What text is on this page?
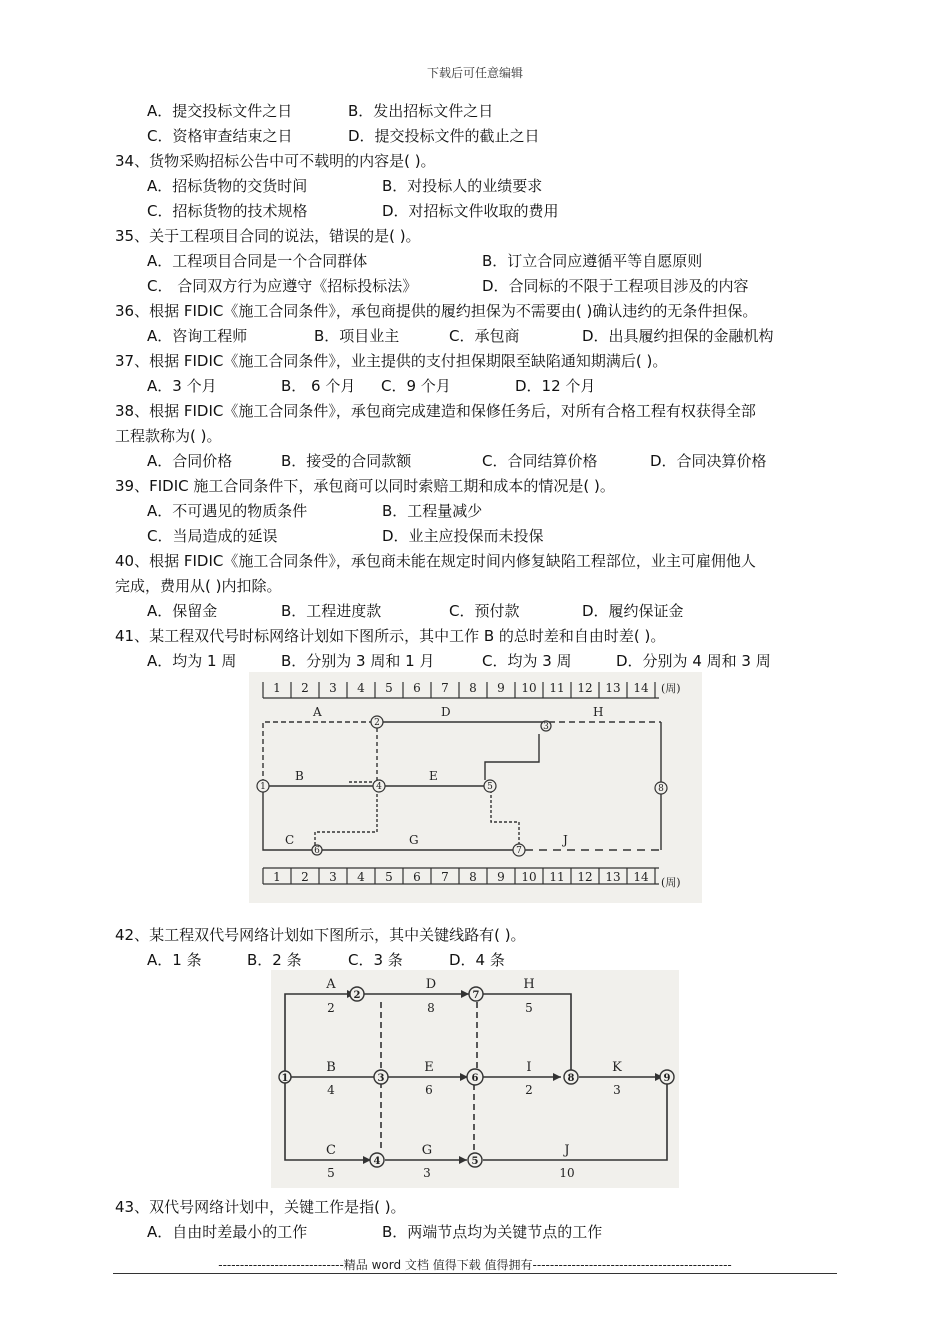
下载后可任意编辑
A．提交投标文件之日	B．发出招标文件之日
C．资格审查结束之日	D．提交投标文件的截止之日
34、货物采购招标公告中可不载明的内容是( )。
A．招标货物的交货时间	B．对投标人的业绩要求
C．招标货物的技术规格	D．对招标文件收取的费用
35、关于工程项目合同的说法，错误的是( )。
A．工程项目合同是一个合同群体	B．订立合同应遵循平等自愿原则
C． 合同双方行为应遵守《招标投标法》	D．合同标的不限于工程项目涉及的内容
36、根据 FIDIC《施工合同条件》，承包商提供的履约担保为不需要由( )确认违约的无条件担保。
A．咨询工程师	B．项目业主	C．承包商	D．出具履约担保的金融机构
37、根据 FIDIC《施工合同条件》，业主提供的支付担保期限至缺陷通知期满后( )。
A．3 个月	B． 6 个月 C．9 个月	D．12 个月
38、根据 FIDIC《施工合同条件》，承包商完成建造和保修任务后，对所有合格工程有权获得全部
工程款称为( )。
A．合同价格	B．接受的合同款额	C．合同结算价格	D．合同决算价格
39、FIDIC 施工合同条件下，承包商可以同时索赔工期和成本的情况是( )。
A．不可遇见的物质条件	B．工程量减少
C．当局造成的延误	D．业主应投保而未投保
40、根据 FIDIC《施工合同条件》，承包商未能在规定时间内修复缺陷工程部位，业主可雇佣他人
完成，费用从( )内扣除。
A．保留金	B．工程进度款	C．预付款	D．履约保证金
41、某工程双代号时标网络计划如下图所示，其中工作 B 的总时差和自由时差( )。
A．均为 1 周	B．分别为 3 周和 1 月	C．均为 3 周	D．分别为 4 周和 3 周
1 2 3 4 5 6 7 8 9 10 11 12 13 14 (周)
1 2 3 4 5 6 7 8 9 10 11 12 13 14 (周)
1
2	3
4	5
6	7
8
A	D	H
B	E
C	G	J
42、某工程双代号网络计划如下图所示，其中关键线路有( )。
A．1 条	B．2 条	C．3 条	D．4 条
1
2
3
4	5
6
7
8	9
A	D	H
B	E	I	K
C	G	J
2	8	5
4	6	2	3
5	3	10
43、双代号网络计划中，关键工作是指( )。
A．自由时差最小的工作	B．两端节点均为关键节点的工作
-----------------------------精品 word 文档 值得下载 值得拥有----------------------------------------------
